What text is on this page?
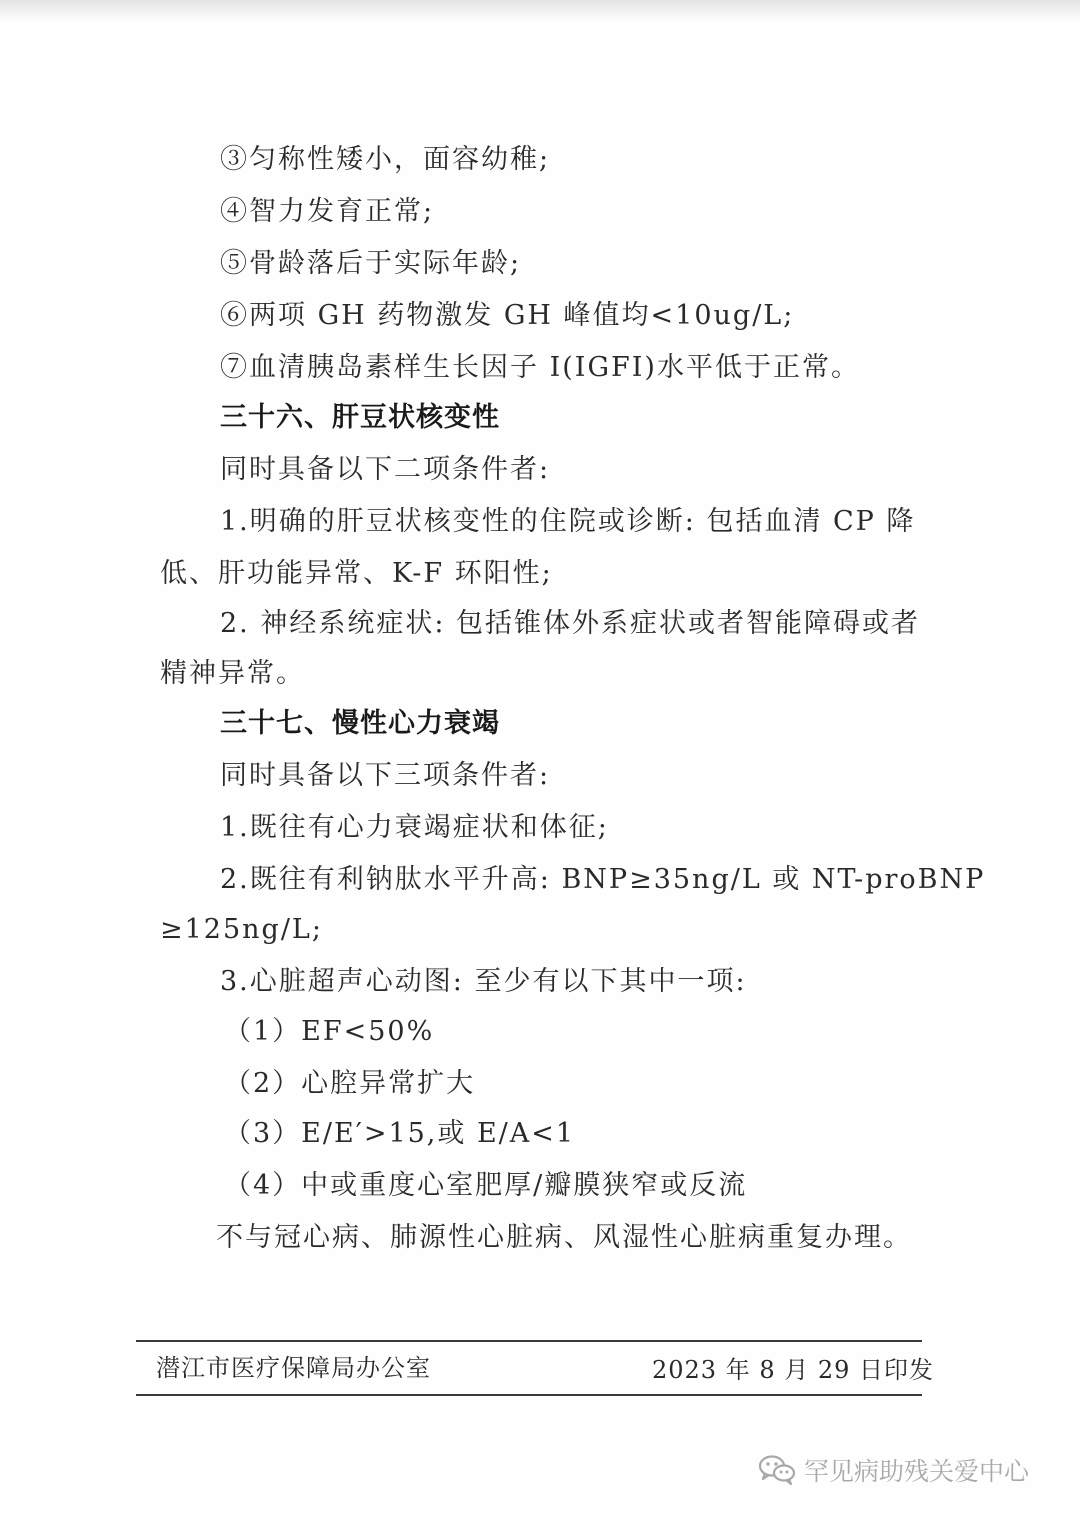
③匀称性矮小，面容幼稚;
④智力发育正常;
⑤骨龄落后于实际年龄;
⑥两项 GH 药物激发 GH 峰值均<10ug/L;
⑦血清胰岛素样生长因子 I(IGFI)水平低于正常。
三十六、肝豆状核变性
同时具备以下二项条件者:
1.明确的肝豆状核变性的住院或诊断: 包括血清 CP 降
低、肝功能异常、K-F 环阳性;
2. 神经系统症状: 包括锥体外系症状或者智能障碍或者
精神异常。
三十七、慢性心力衰竭
同时具备以下三项条件者:
1.既往有心力衰竭症状和体征;
2.既往有利钠肽水平升高: BNP≥35ng/L 或 NT-proBNP
≥125ng/L;
3.心脏超声心动图: 至少有以下其中一项:
（1）EF<50%
（2）心腔异常扩大
（3）E/E′>15,或 E/A<1
（4）中或重度心室肥厚/瓣膜狭窄或反流
不与冠心病、肺源性心脏病、风湿性心脏病重复办理。
潜江市医疗保障局办公室	2023 年 8 月 29 日印发
罕见病助残关爱中心
